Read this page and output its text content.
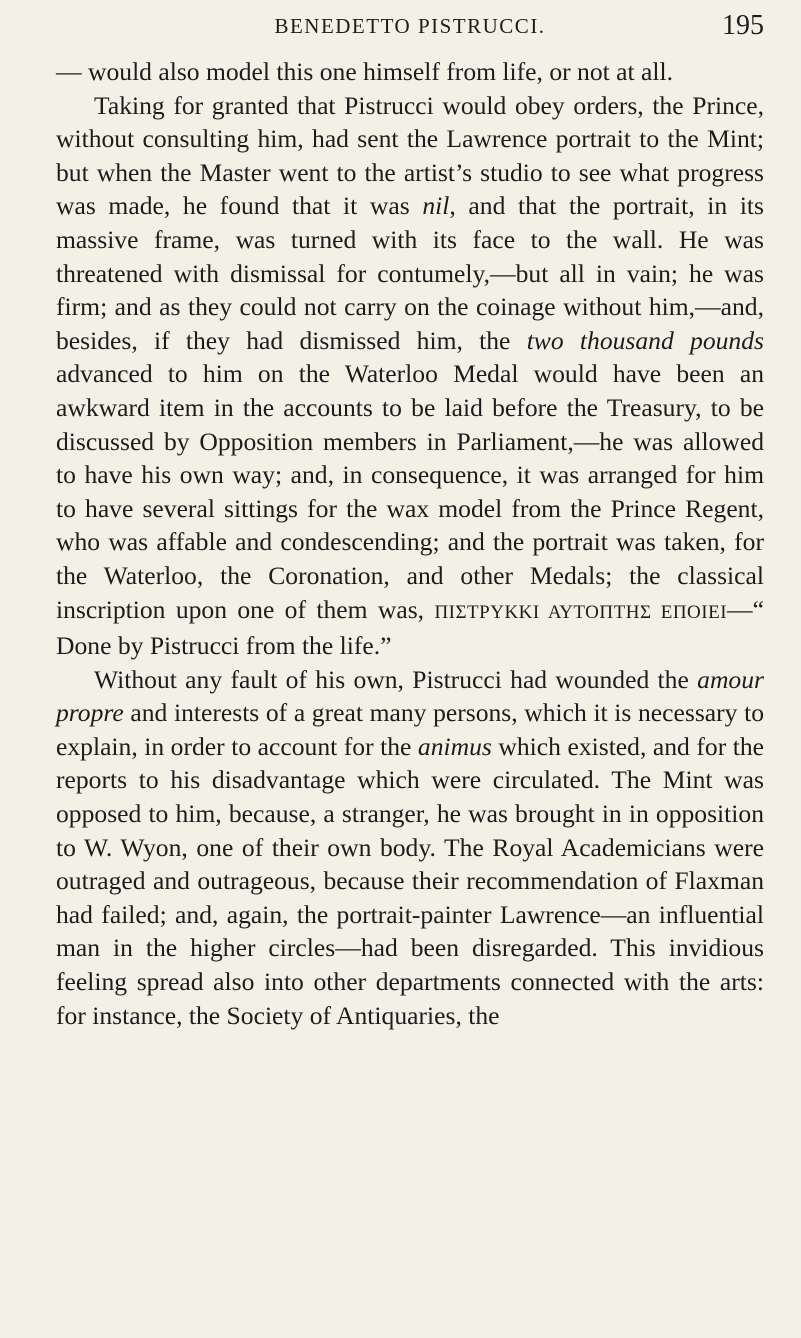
BENEDETTO PISTRUCCI.	195

— would also model this one himself from life, or not at all.

Taking for granted that Pistrucci would obey orders, the Prince, without consulting him, had sent the Lawrence portrait to the Mint; but when the Master went to the artist’s studio to see what progress was made, he found that it was nil, and that the portrait, in its massive frame, was turned with its face to the wall. He was threatened with dismissal for contumely,—but all in vain; he was firm; and as they could not carry on the coinage without him,—and, besides, if they had dismissed him, the two thousand pounds advanced to him on the Waterloo Medal would have been an awkward item in the accounts to be laid before the Treasury, to be discussed by Opposition members in Parliament,—he was allowed to have his own way; and, in consequence, it was arranged for him to have several sittings for the wax model from the Prince Regent, who was affable and condescending; and the portrait was taken, for the Waterloo, the Coronation, and other Medals; the classical inscription upon one of them was, ΠΙΣΤΡΥΚΚΙ ΑΥΤΟΠΤΗΣ ΕΠΟΙΕΙ—“ Done by Pistrucci from the life.”

Without any fault of his own, Pistrucci had wounded the amour propre and interests of a great many persons, which it is necessary to explain, in order to account for the animus which existed, and for the reports to his disadvantage which were circulated. The Mint was opposed to him, because, a stranger, he was brought in in opposition to W. Wyon, one of their own body. The Royal Academicians were outraged and outrageous, because their recommendation of Flaxman had failed; and, again, the portrait-painter Lawrence—an influential man in the higher circles—had been disregarded. This invidious feeling spread also into other departments connected with the arts: for instance, the Society of Antiquaries, the
